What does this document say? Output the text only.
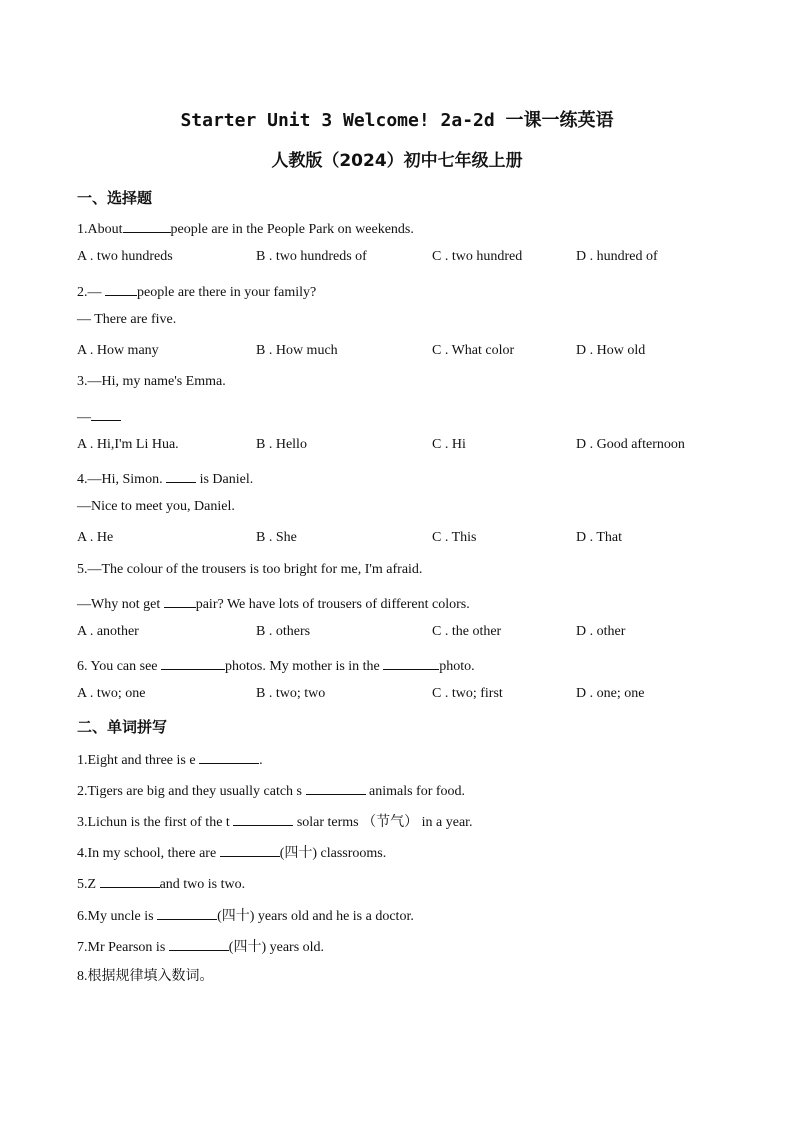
Starter Unit 3 Welcome! 2a-2d 一课一练英语
人教版（2024）初中七年级上册
一、选择题
1.About	people are in the People Park on weekends.
A . two hundreds	B . two hundreds of	C . two hundred	D . hundred of
2.— people are there in your family?
— There are five.
A . How many	B . How much	C . What color	D . How old
3.—Hi, my name's Emma.
—
A . Hi,I'm Li Hua.	B . Hello	C . Hi	D . Good afternoon
4.—Hi, Simon.  is Daniel.
—Nice to meet you, Daniel.
A . He	B . She	C . This	D . That
5.—The colour of the trousers is too bright for me, I'm afraid.
—Why not get pair? We have lots of trousers of different colors.
A . another	B . others	C . the other	D . other
6. You can see	photos. My mother is in the	photo.
A . two; one	B . two; two	C . two; first	D . one; one
二、单词拼写
1.Eight and three is e	.
2.Tigers are big and they usually catch s	animals for food.
3.Lichun is the first of the t	solar terms （节气） in a year.
4.In my school, there are	(四十) classrooms.
5.Z	and two is two.
6.My uncle is	(四十) years old and he is a doctor.
7.Mr Pearson is	(四十) years old.
8.根据规律填入数词。
